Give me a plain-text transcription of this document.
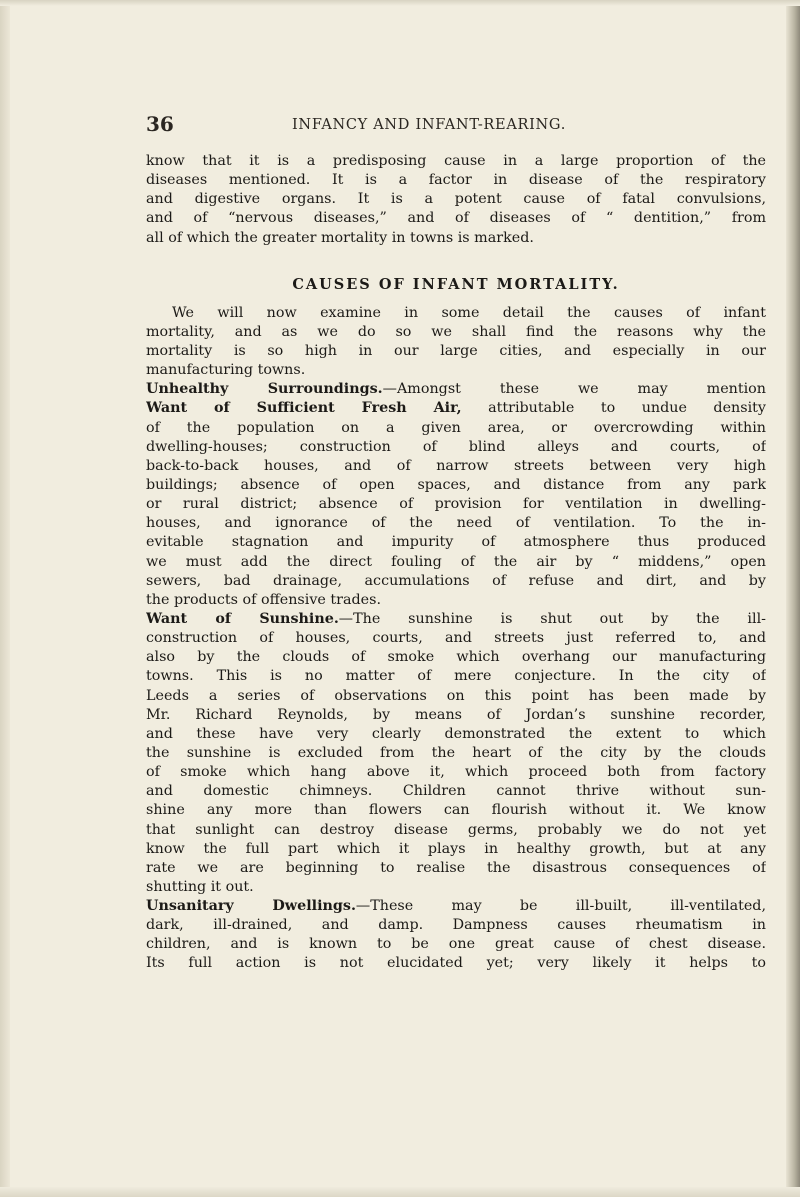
36	INFANCY AND INFANT-REARING.
know that it is a predisposing cause in a large proportion of the
diseases mentioned. It is a factor in disease of the respiratory
and digestive organs. It is a potent cause of fatal convulsions,
and of “nervous diseases,” and of diseases of “ dentition,” from
all of which the greater mortality in towns is marked.
CAUSES OF INFANT MORTALITY.
We will now examine in some detail the causes of infant
mortality, and as we do so we shall find the reasons why the
mortality is so high in our large cities, and especially in our
manufacturing towns.
Unhealthy Surroundings.—Amongst these we may mention
Want of Sufficient Fresh Air, attributable to undue density
of the population on a given area, or overcrowding within
dwelling-houses; construction of blind alleys and courts, of
back-to-back houses, and of narrow streets between very high
buildings; absence of open spaces, and distance from any park
or rural district; absence of provision for ventilation in dwelling-
houses, and ignorance of the need of ventilation. To the in-
evitable stagnation and impurity of atmosphere thus produced
we must add the direct fouling of the air by “ middens,” open
sewers, bad drainage, accumulations of refuse and dirt, and by
the products of offensive trades.
Want of Sunshine.—The sunshine is shut out by the ill-
construction of houses, courts, and streets just referred to, and
also by the clouds of smoke which overhang our manufacturing
towns. This is no matter of mere conjecture. In the city of
Leeds a series of observations on this point has been made by
Mr. Richard Reynolds, by means of Jordan’s sunshine recorder,
and these have very clearly demonstrated the extent to which
the sunshine is excluded from the heart of the city by the clouds
of smoke which hang above it, which proceed both from factory
and domestic chimneys. Children cannot thrive without sun-
shine any more than flowers can flourish without it. We know
that sunlight can destroy disease germs, probably we do not yet
know the full part which it plays in healthy growth, but at any
rate we are beginning to realise the disastrous consequences of
shutting it out.
Unsanitary Dwellings.—These may be ill-built, ill-ventilated,
dark, ill-drained, and damp. Dampness causes rheumatism in
children, and is known to be one great cause of chest disease.
Its full action is not elucidated yet; very likely it helps to
